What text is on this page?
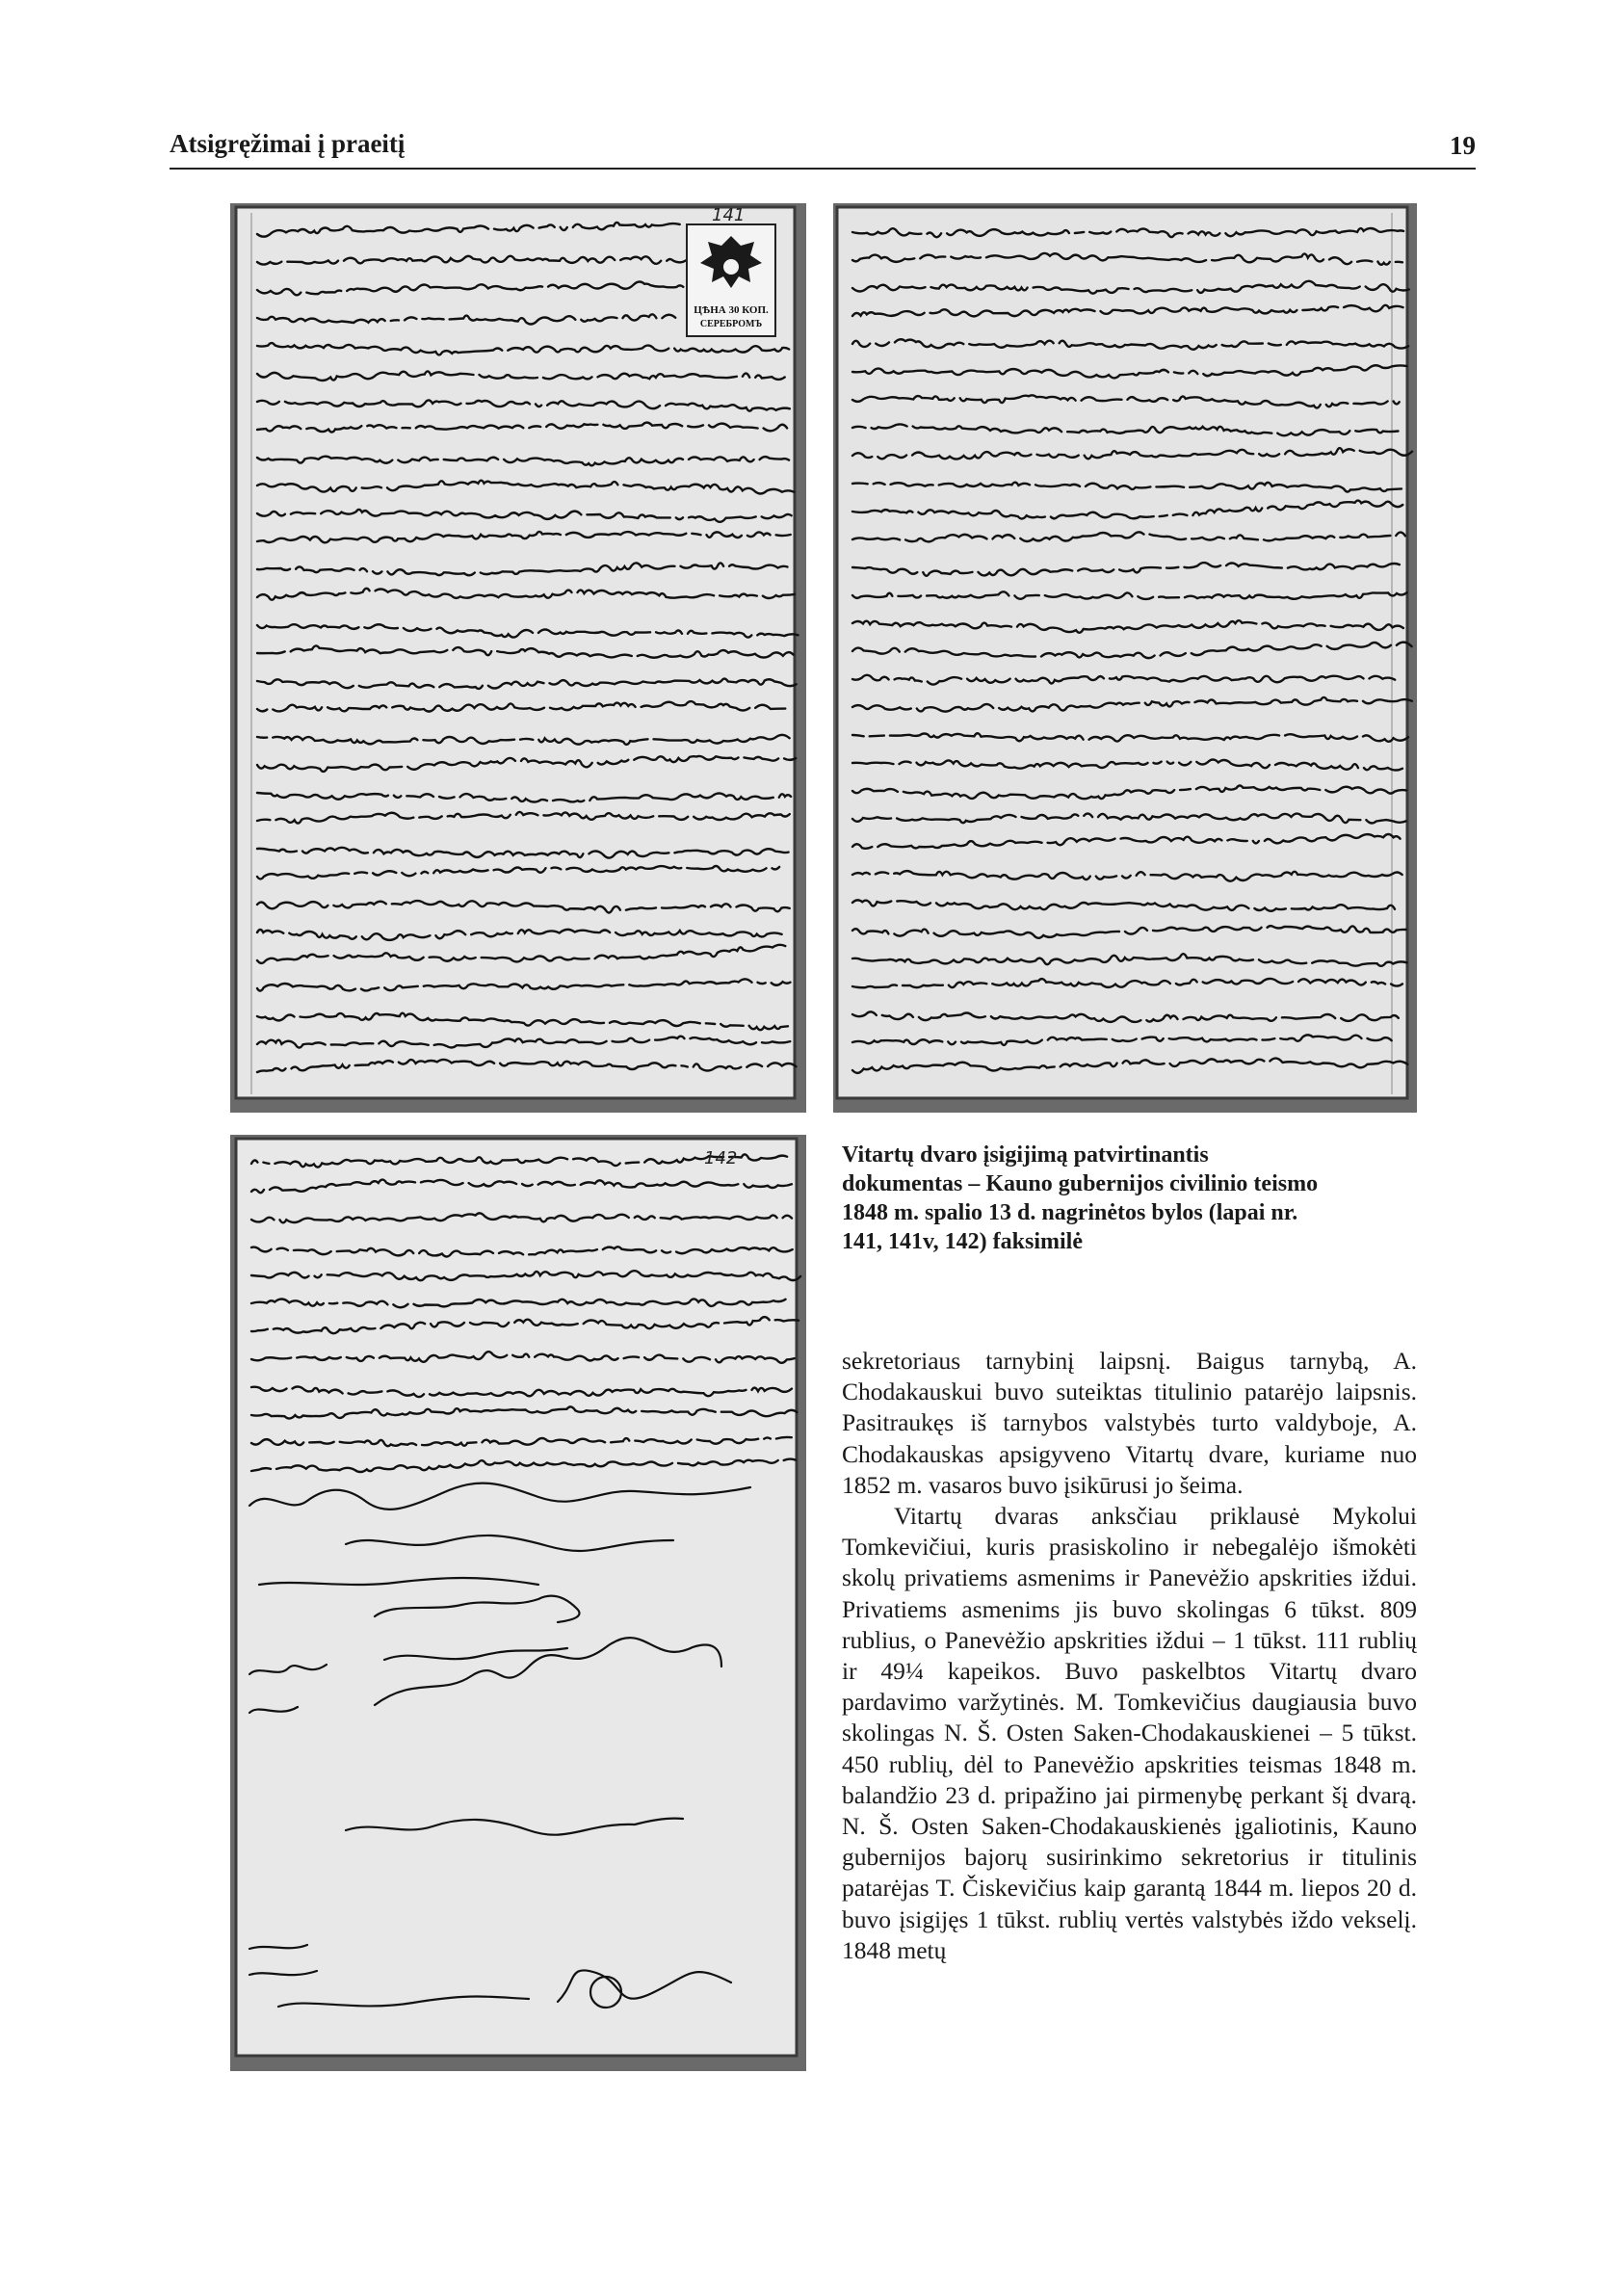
Atsigręžimai į praeitį	19
ЦѢНА 30 КОП.
СЕРЕБРОМЪ
141
142	Vitartų dvaro įsigijimą patvirtinantis

dokumentas – Kauno gubernijos civilinio teismo

1848 m. spalio 13 d. nagrinėtos bylos (lapai nr.

141, 141v, 142) faksimilė

sekretoriaus tarnybinį laipsnį. Baigus tarnybą, A. Chodakauskui buvo suteiktas titulinio patarėjo laipsnis. Pasitraukęs iš tarnybos valstybės turto valdyboje, A. Chodakauskas apsigyveno Vitartų dvare, kuriame nuo 1852 m. vasaros buvo įsikūrusi jo šeima.

Vitartų dvaras anksčiau priklausė Mykolui Tomkevičiui, kuris prasiskolino ir nebegalėjo išmokėti skolų privatiems asmenims ir Panevėžio apskrities iždui. Privatiems asmenims jis buvo skolingas 6 tūkst. 809 rublius, o Panevėžio apskrities iždui – 1 tūkst. 111 rublių ir 49¼ kapeikos. Buvo paskelbtos Vitartų dvaro pardavimo varžytinės. M. Tomkevičius daugiausia buvo skolingas N. Š. Osten Saken-Chodakauskienei – 5 tūkst. 450 rublių, dėl to Panevėžio apskrities teismas 1848 m. balandžio 23 d. pripažino jai pirmenybę perkant šį dvarą. N. Š. Osten Saken-Chodakauskienės įgaliotinis, Kauno gubernijos bajorų susirinkimo sekretorius ir titulinis patarėjas T. Čiskevičius kaip garantą 1844 m. liepos 20 d. buvo įsigijęs 1 tūkst. rublių vertės valstybės iždo vekselį. 1848 metų
